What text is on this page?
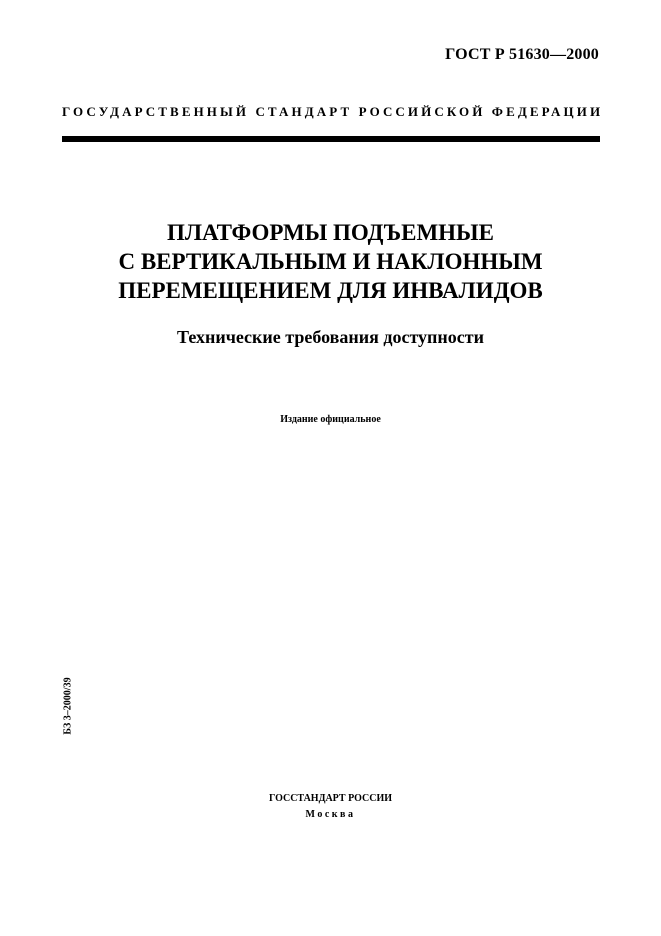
ГОСТ Р 51630—2000
ГОСУДАРСТВЕННЫЙ СТАНДАРТ РОССИЙСКОЙ ФЕДЕРАЦИИ
ПЛАТФОРМЫ ПОДЪЕМНЫЕ
С ВЕРТИКАЛЬНЫМ И НАКЛОННЫМ
ПЕРЕМЕЩЕНИЕМ ДЛЯ ИНВАЛИДОВ
Технические требования доступности
Издание официальное
БЗ 3–2000/39
ГОССТАНДАРТ РОССИИ
Москва
